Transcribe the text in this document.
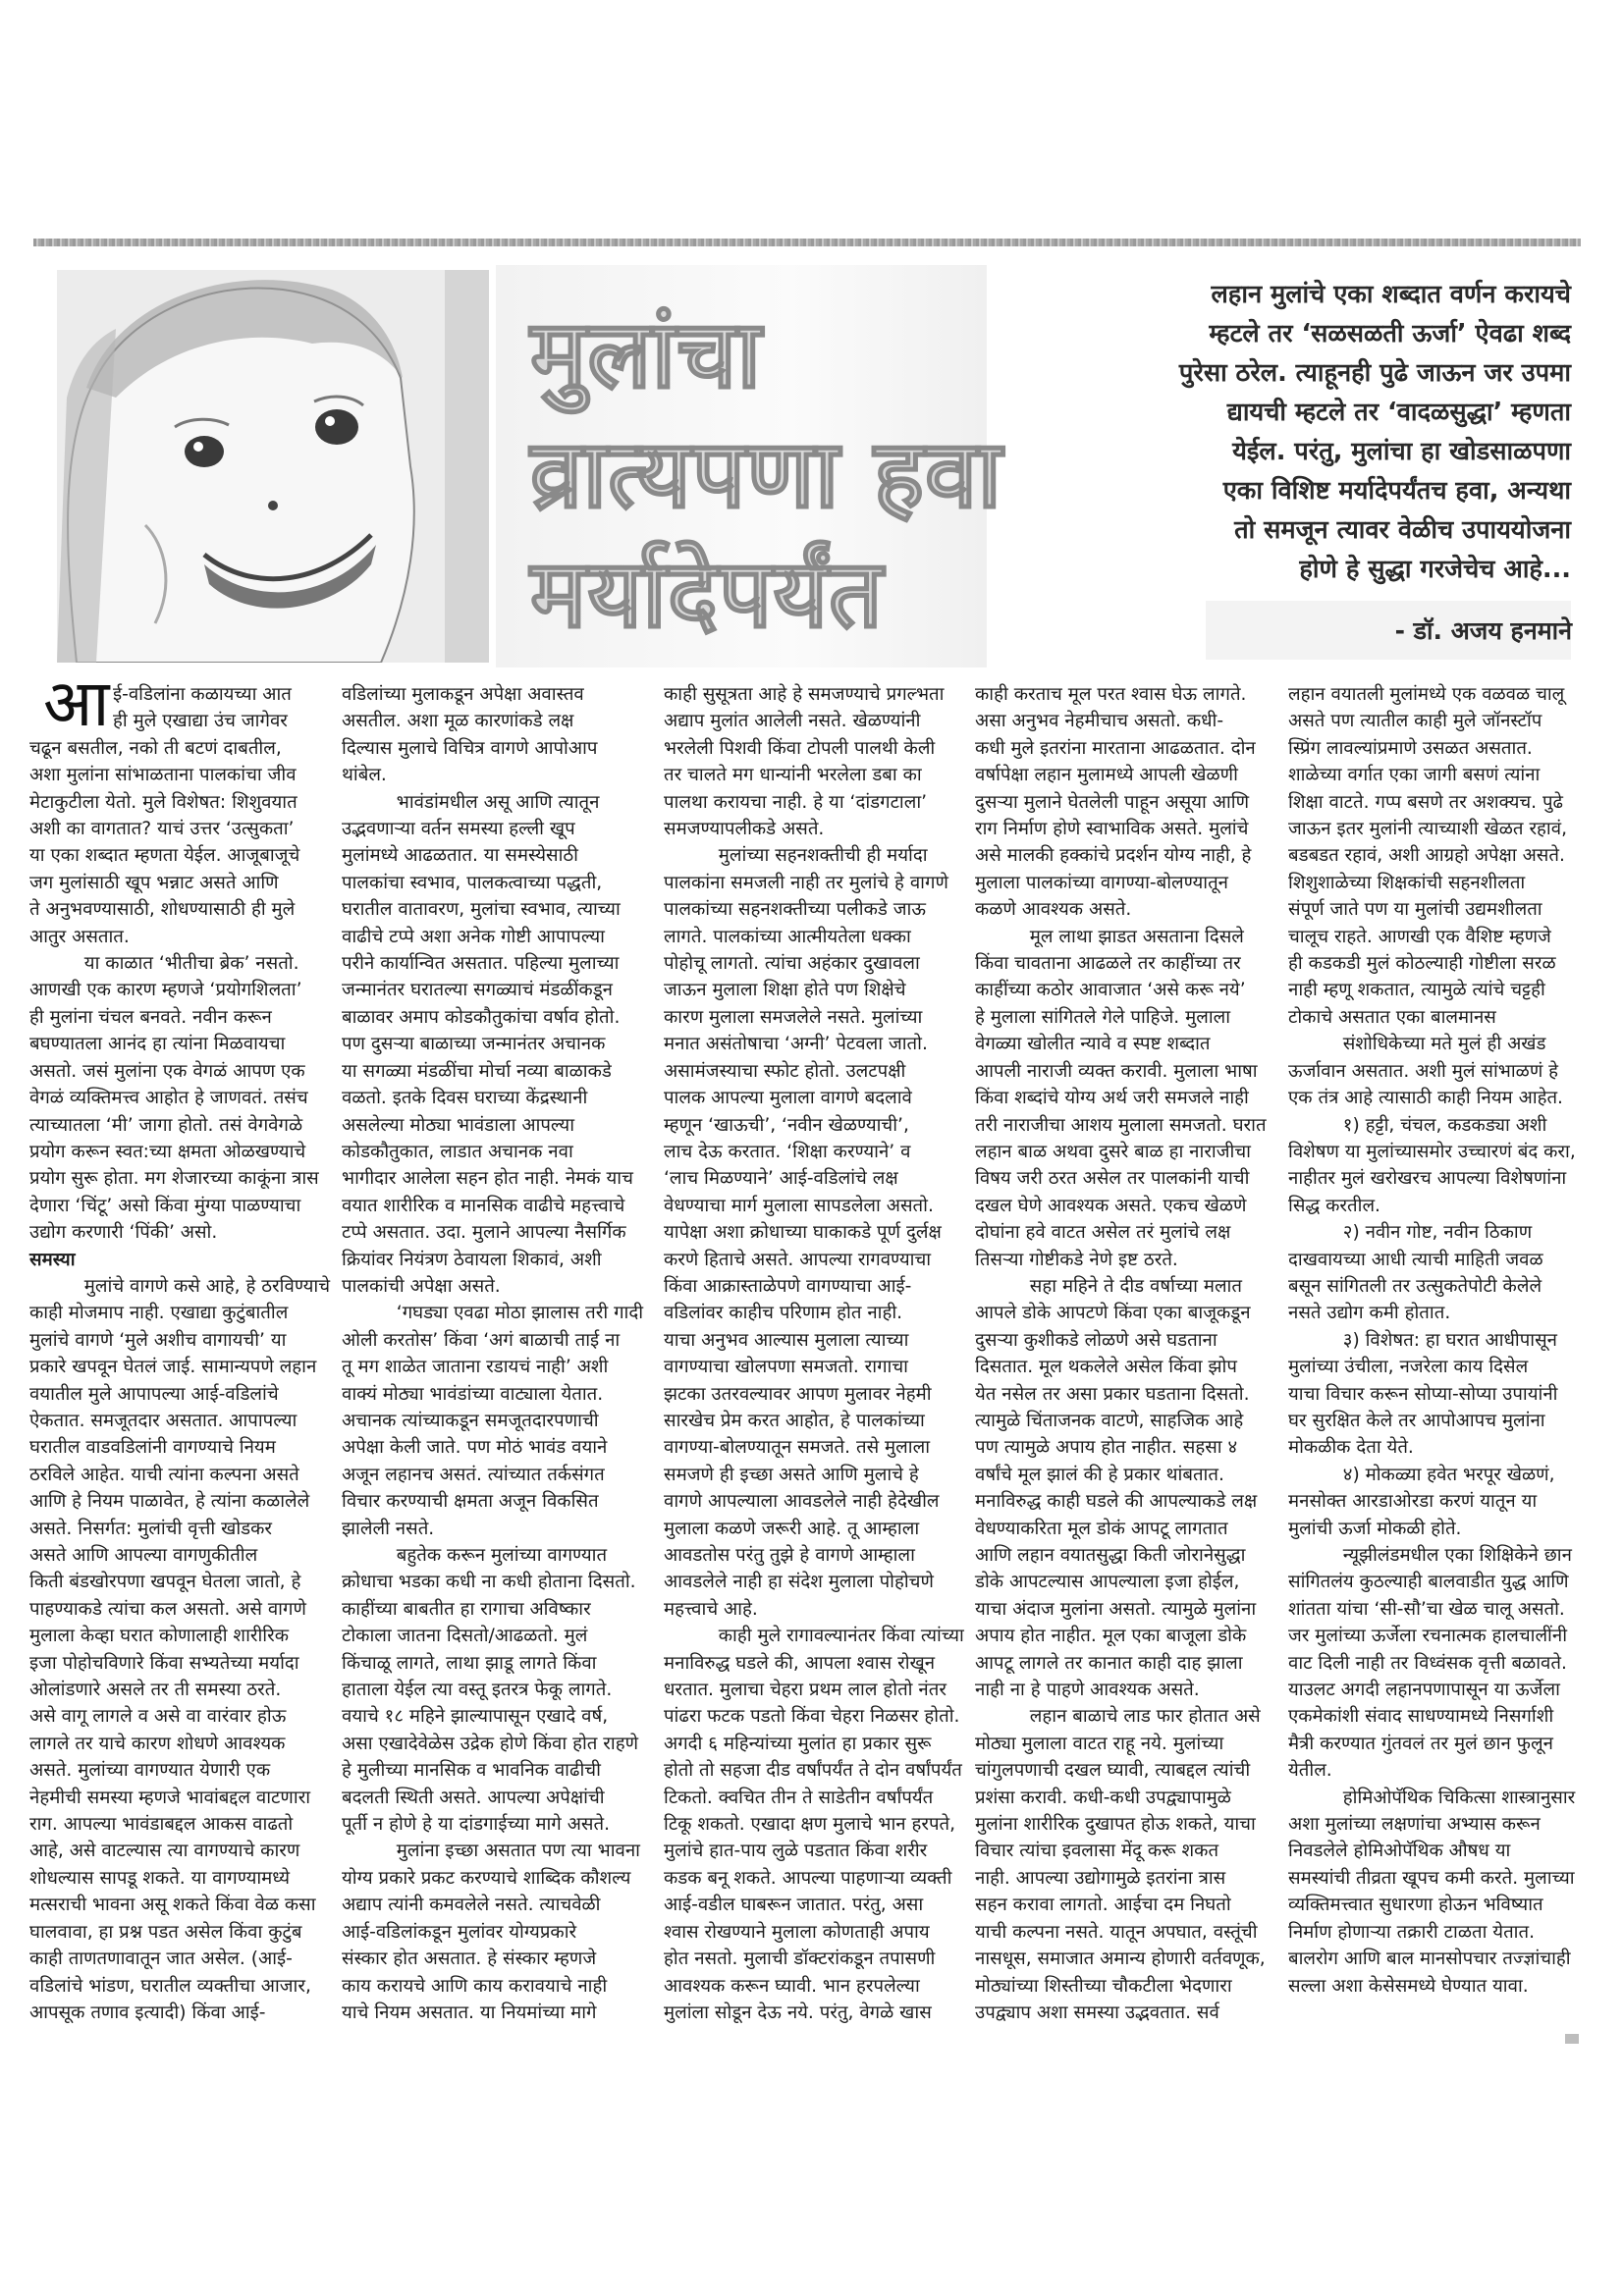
मुलांचा
व्रात्यपणा हवा
मर्यादेपर्यंत
लहान मुलांचे एका शब्दात वर्णन करायचे
म्हटले तर ‘सळसळती ऊर्जा’ ऐवढा शब्द
पुरेसा ठरेल. त्याहूनही पुढे जाऊन जर उपमा
द्यायची म्हटले तर ‘वादळसुद्धा’ म्हणता
येईल. परंतु, मुलांचा हा खोडसाळपणा
एका विशिष्ट मर्यादेपर्यंतच हवा, अन्यथा
तो समजून त्यावर वेळीच उपाययोजना
होणे हे सुद्धा गरजेचेच आहे...

- डॉ. अजय हनमाने

ई-वडिलांना कळायच्या आत

ही मुले एखाद्या उंच जागेवर

चढून बसतील, नको ती बटणं दाबतील,

अशा मुलांना सांभाळताना पालकांचा जीव

मेटाकुटीला येतो. मुले विशेषत: शिशुवयात

अशी का वागतात? याचं उत्तर ‘उत्सुकता’

या एका शब्दात म्हणता येईल. आजूबाजूचे

जग मुलांसाठी खूप भन्नाट असते आणि

ते अनुभवण्यासाठी, शोधण्यासाठी ही मुले

आतुर असतात.

   या काळात ‘भीतीचा ब्रेक’ नसतो.

आणखी एक कारण म्हणजे ‘प्रयोगशिलता’

ही मुलांना चंचल बनवते. नवीन करून

बघण्यातला आनंद हा त्यांना मिळवायचा

असतो. जसं मुलांना एक वेगळं आपण एक

वेगळं व्यक्तिमत्त्व आहोत हे जाणवतं. तसंच

त्याच्यातला ‘मी’ जागा होतो. तसं वेगवेगळे

प्रयोग करून स्वत:च्या क्षमता ओळखण्याचे

प्रयोग सुरू होता. मग शेजारच्या काकूंना त्रास

देणारा ‘चिंटू’ असो किंवा मुंग्या पाळण्याचा

उद्योग करणारी ‘पिंकी’ असो.

समस्या

   मुलांचे वागणे कसे आहे, हे ठरविण्याचे

काही मोजमाप नाही. एखाद्या कुटुंबातील

मुलांचे वागणे ‘मुले अशीच वागायची’ या

प्रकारे खपवून घेतलं जाई. सामान्यपणे लहान

वयातील मुले आपापल्या आई-वडिलांचे

ऐकतात. समजूतदार असतात. आपापल्या

घरातील वाडवडिलांनी वागण्याचे नियम

ठरविले आहेत. याची त्यांना कल्पना असते

आणि हे नियम पाळावेत, हे त्यांना कळालेले

असते. निसर्गत: मुलांची वृत्ती खोडकर

असते आणि आपल्या वागणुकीतील

किती बंडखोरपणा खपवून घेतला जातो, हे

पाहण्याकडे त्यांचा कल असतो. असे वागणे

मुलाला केव्हा घरात कोणालाही शारीरिक

इजा पोहोचविणारे किंवा सभ्यतेच्या मर्यादा

ओलांडणारे असले तर ती समस्या ठरते.

असे वागू लागले व असे वा वारंवार होऊ

लागले तर याचे कारण शोधणे आवश्यक

असते. मुलांच्या वागण्यात येणारी एक

नेहमीची समस्या म्हणजे भावांबद्दल वाटणारा

राग. आपल्या भावंडाबद्दल आकस वाढतो

आहे, असे वाटल्यास त्या वागण्याचे कारण

शोधल्यास सापडू शकते. या वागण्यामध्ये

मत्सराची भावना असू शकते किंवा वेळ कसा

घालवावा, हा प्रश्न पडत असेल किंवा कुटुंब

काही ताणतणावातून जात असेल. (आई-

वडिलांचे भांडण, घरातील व्यक्तीचा आजार,

आपसूक तणाव इत्यादी) किंवा आई-

आ	वडिलांच्या मुलाकडून अपेक्षा अवास्तव

असतील. अशा मूळ कारणांकडे लक्ष

दिल्यास मुलाचे विचित्र वागणे आपोआप

थांबेल.

   भावंडांमधील असू आणि त्यातून

उद्भवणाऱ्या वर्तन समस्या हल्ली खूप

मुलांमध्ये आढळतात. या समस्येसाठी

पालकांचा स्वभाव, पालकत्वाच्या पद्धती,

घरातील वातावरण, मुलांचा स्वभाव, त्याच्या

वाढीचे टप्पे अशा अनेक गोष्टी आपापल्या

परीने कार्यान्वित असतात. पहिल्या मुलाच्या

जन्मानंतर घरातल्या सगळ्याचं मंडळींकडून

बाळावर अमाप कोडकौतुकांचा वर्षाव होतो.

पण दुसऱ्या बाळाच्या जन्मानंतर अचानक

या सगळ्या मंडळींचा मोर्चा नव्या बाळाकडे

वळतो. इतके दिवस घराच्या केंद्रस्थानी

असलेल्या मोठ्या भावंडाला आपल्या

कोडकौतुकात, लाडात अचानक नवा

भागीदार आलेला सहन होत नाही. नेमकं याच

वयात शारीरिक व मानसिक वाढीचे महत्त्वाचे

टप्पे असतात. उदा. मुलाने आपल्या नैसर्गिक

क्रियांवर नियंत्रण ठेवायला शिकावं, अशी

पालकांची अपेक्षा असते.

   ‘गघड्या एवढा मोठा झालास तरी गादी

ओली करतोस’ किंवा ‘अगं बाळाची ताई ना

तू मग शाळेत जाताना रडायचं नाही’ अशी

वाक्यं मोठ्या भावंडांच्या वाट्याला येतात.

अचानक त्यांच्याकडून समजूतदारपणाची

अपेक्षा केली जाते. पण मोठं भावंड वयाने

अजून लहानच असतं. त्यांच्यात तर्कसंगत

विचार करण्याची क्षमता अजून विकसित

झालेली नसते.

   बहुतेक करून मुलांच्या वागण्यात

क्रोधाचा भडका कधी ना कधी होताना दिसतो.

काहींच्या बाबतीत हा रागाचा अविष्कार

टोकाला जातना दिसतो/आढळतो. मुलं

किंचाळू लागते, लाथा झाडू लागते किंवा

हाताला येईल त्या वस्तू इतरत्र फेकू लागते.

वयाचे १८ महिने झाल्यापासून एखादे वर्ष,

असा एखादेवेळेस उद्रेक होणे किंवा होत राहणे

हे मुलीच्या मानसिक व भावनिक वाढीची

बदलती स्थिती असते. आपल्या अपेक्षांची

पूर्ती न होणे हे या दांडगाईच्या मागे असते.

   मुलांना इच्छा असतात पण त्या भावना

योग्य प्रकारे प्रकट करण्याचे शाब्दिक कौशल्य

अद्याप त्यांनी कमवलेले नसते. त्याचवेळी

आई-वडिलांकडून मुलांवर योग्यप्रकारे

संस्कार होत असतात. हे संस्कार म्हणजे

काय करायचे आणि काय करावयाचे नाही

याचे नियम असतात. या नियमांच्या मागे

काही सुसूत्रता आहे हे समजण्याचे प्रगल्भता

अद्याप मुलांत आलेली नसते. खेळण्यांनी

भरलेली पिशवी किंवा टोपली पालथी केली

तर चालते मग धान्यांनी भरलेला डबा का

पालथा करायचा नाही. हे या ‘दांडगटाला’

समजण्यापलीकडे असते.

   मुलांच्या सहनशक्तीची ही मर्यादा

पालकांना समजली नाही तर मुलांचे हे वागणे

पालकांच्या सहनशक्तीच्या पलीकडे जाऊ

लागते. पालकांच्या आत्मीयतेला धक्का

पोहोचू लागतो. त्यांचा अहंकार दुखावला

जाऊन मुलाला शिक्षा होते पण शिक्षेचे

कारण मुलाला समजलेले नसते. मुलांच्या

मनात असंतोषाचा ‘अग्नी’ पेटवला जातो.

असामंजस्याचा स्फोट होतो. उलटपक्षी

पालक आपल्या मुलाला वागणे बदलावे

म्हणून ‘खाऊची’, ‘नवीन खेळण्याची’,

लाच देऊ करतात. ‘शिक्षा करण्याने’ व

‘लाच मिळण्याने’ आई-वडिलांचे लक्ष

वेधण्याचा मार्ग मुलाला सापडलेला असतो.

यापेक्षा अशा क्रोधाच्या घाकाकडे पूर्ण दुर्लक्ष

करणे हिताचे असते. आपल्या रागवण्याचा

किंवा आक्रास्ताळेपणे वागण्याचा आई-

वडिलांवर काहीच परिणाम होत नाही.

याचा अनुभव आल्यास मुलाला त्याच्या

वागण्याचा खोलपणा समजतो. रागाचा

झटका उतरवल्यावर आपण मुलावर नेहमी

सारखेच प्रेम करत आहोत, हे पालकांच्या

वागण्या-बोलण्यातून समजते. तसे मुलाला

समजणे ही इच्छा असते आणि मुलाचे हे

वागणे आपल्याला आवडलेले नाही हेदेखील

मुलाला कळणे जरूरी आहे. तू आम्हाला

आवडतोस परंतु तुझे हे वागणे आम्हाला

आवडलेले नाही हा संदेश मुलाला पोहोचणे

महत्त्वाचे आहे.

   काही मुले रागावल्यानंतर किंवा त्यांच्या

मनाविरुद्ध घडले की, आपला श्वास रोखून

धरतात. मुलाचा चेहरा प्रथम लाल होतो नंतर

पांढरा फटक पडतो किंवा चेहरा निळसर होतो.

अगदी ६ महिन्यांच्या मुलांत हा प्रकार सुरू

होतो तो सहजा दीड वर्षांपर्यंत ते दोन वर्षांपर्यंत

टिकतो. क्वचित तीन ते साडेतीन वर्षांपर्यंत

टिकू शकतो. एखादा क्षण मुलाचे भान हरपते,

मुलांचे हात-पाय लुळे पडतात किंवा शरीर

कडक बनू शकते. आपल्या पाहणाऱ्या व्यक्ती

आई-वडील घाबरून जातात. परंतु, असा

श्वास रोखण्याने मुलाला कोणताही अपाय

होत नसतो. मुलाची डॉक्टरांकडून तपासणी

आवश्यक करून घ्यावी. भान हरपलेल्या

मुलांला सोडून देऊ नये. परंतु, वेगळे खास

काही करताच मूल परत श्वास घेऊ लागते.

असा अनुभव नेहमीचाच असतो. कधी-

कधी मुले इतरांना मारताना आढळतात. दोन

वर्षापेक्षा लहान मुलामध्ये आपली खेळणी

दुसऱ्या मुलाने घेतलेली पाहून असूया आणि

राग निर्माण होणे स्वाभाविक असते. मुलांचे

असे मालकी हक्कांचे प्रदर्शन योग्य नाही, हे

मुलाला पालकांच्या वागण्या-बोलण्यातून

कळणे आवश्यक असते.

   मूल लाथा झाडत असताना दिसले

किंवा चावताना आढळले तर काहींच्या तर

काहींच्या कठोर आवाजात ‘असे करू नये’

हे मुलाला सांगितले गेले पाहिजे. मुलाला

वेगळ्या खोलीत न्यावे व स्पष्ट शब्दात

आपली नाराजी व्यक्त करावी. मुलाला भाषा

किंवा शब्दांचे योग्य अर्थ जरी समजले नाही

तरी नाराजीचा आशय मुलाला समजतो. घरात

लहान बाळ अथवा दुसरे बाळ हा नाराजीचा

विषय जरी ठरत असेल तर पालकांनी याची

दखल घेणे आवश्यक असते. एकच खेळणे

दोघांना हवे वाटत असेल तरं मुलांचे लक्ष

तिसऱ्या गोष्टीकडे नेणे इष्ट ठरते.

   सहा महिने ते दीड वर्षाच्या मलात

आपले डोके आपटणे किंवा एका बाजूकडून

दुसऱ्या कुशीकडे लोळणे असे घडताना

दिसतात. मूल थकलेले असेल किंवा झोप

येत नसेल तर असा प्रकार घडताना दिसतो.

त्यामुळे चिंताजनक वाटणे, साहजिक आहे

पण त्यामुळे अपाय होत नाहीत. सहसा ४

वर्षांचे मूल झालं की हे प्रकार थांबतात.

मनाविरुद्ध काही घडले की आपल्याकडे लक्ष

वेधण्याकरिता मूल डोकं आपटू लागतात

आणि लहान वयातसुद्धा किती जोरानेसुद्धा

डोके आपटल्यास आपल्याला इजा होईल,

याचा अंदाज मुलांना असतो. त्यामुळे मुलांना

अपाय होत नाहीत. मूल एका बाजूला डोके

आपटू लागले तर कानात काही दाह झाला

नाही ना हे पाहणे आवश्यक असते.

   लहान बाळाचे लाड फार होतात असे

मोठ्या मुलाला वाटत राहू नये. मुलांच्या

चांगुलपणाची दखल घ्यावी, त्याबद्दल त्यांची

प्रशंसा करावी. कधी-कधी उपद्व्यापामुळे

मुलांना शारीरिक दुखापत होऊ शकते, याचा

विचार त्यांचा इवलासा मेंदू करू शकत

नाही. आपल्या उद्योगामुळे इतरांना त्रास

सहन करावा लागतो. आईचा दम निघतो

याची कल्पना नसते. यातून अपघात, वस्तूंची

नासधूस, समाजात अमान्य होणारी वर्तवणूक,

मोठ्यांच्या शिस्तीच्या चौकटीला भेदणारा

उपद्व्याप अशा समस्या उद्भवतात. सर्व

लहान वयातली मुलांमध्ये एक वळवळ चालू

असते पण त्यातील काही मुले जॉनस्टॉप

स्प्रिंग लावल्यांप्रमाणे उसळत असतात.

शाळेच्या वर्गात एका जागी बसणं त्यांना

शिक्षा वाटते. गप्प बसणे तर अशक्यच. पुढे

जाऊन इतर मुलांनी त्याच्याशी खेळत रहावं,

बडबडत रहावं, अशी आग्रहो अपेक्षा असते.

शिशुशाळेच्या शिक्षकांची सहनशीलता

संपूर्ण जाते पण या मुलांची उद्यमशीलता

चालूच राहते. आणखी एक वैशिष्ट म्हणजे

ही कडकडी मुलं कोठल्याही गोष्टीला सरळ

नाही म्हणू शकतात, त्यामुळे त्यांचे चट्टही

टोकाचे असतात एका बालमानस

   संशोधिकेच्या मते मुलं ही अखंड

ऊर्जावान असतात. अशी मुलं सांभाळणं हे

एक तंत्र आहे त्यासाठी काही नियम आहेत.

   १) हट्टी, चंचल, कडकड्या अशी

विशेषण या मुलांच्यासमोर उच्चारणं बंद करा,

नाहीतर मुलं खरोखरच आपल्या विशेषणांना

सिद्ध करतील.

   २) नवीन गोष्ट, नवीन ठिकाण

दाखवायच्या आधी त्याची माहिती जवळ

बसून सांगितली तर उत्सुकतेपोटी केलेले

नसते उद्योग कमी होतात.

   ३) विशेषत: हा घरात आधीपासून

मुलांच्या उंचीला, नजरेला काय दिसेल

याचा विचार करून सोप्या-सोप्या उपायांनी

घर सुरक्षित केले तर आपोआपच मुलांना

मोकळीक देता येते.

   ४) मोकळ्या हवेत भरपूर खेळणं,

मनसोक्त आरडाओरडा करणं यातून या

मुलांची ऊर्जा मोकळी होते.

   न्यूझीलंडमधील एका शिक्षिकेने छान

सांगितलंय कुठल्याही बालवाडीत युद्ध आणि

शांतता यांचा ‘सी-सौ’चा खेळ चालू असतो.

जर मुलांच्या ऊर्जेला रचनात्मक हालचालींनी

वाट दिली नाही तर विध्वंसक वृत्ती बळावते.

याउलट अगदी लहानपणापासून या ऊर्जेला

एकमेकांशी संवाद साधण्यामध्ये निसर्गाशी

मैत्री करण्यात गुंतवलं तर मुलं छान फुलून

येतील.

   होमिओपॅथिक चिकित्सा शास्त्रानुसार

अशा मुलांच्या लक्षणांचा अभ्यास करून

निवडलेले होमिओपॅथिक औषध या

समस्यांची तीव्रता खूपच कमी करते. मुलाच्या

व्यक्तिमत्त्वात सुधारणा होऊन भविष्यात

निर्माण होणाऱ्या तक्रारी टाळता येतात.

बालरोग आणि बाल मानसोपचार तज्ज्ञांचाही

सल्ला अशा केसेसमध्ये घेण्यात यावा.
